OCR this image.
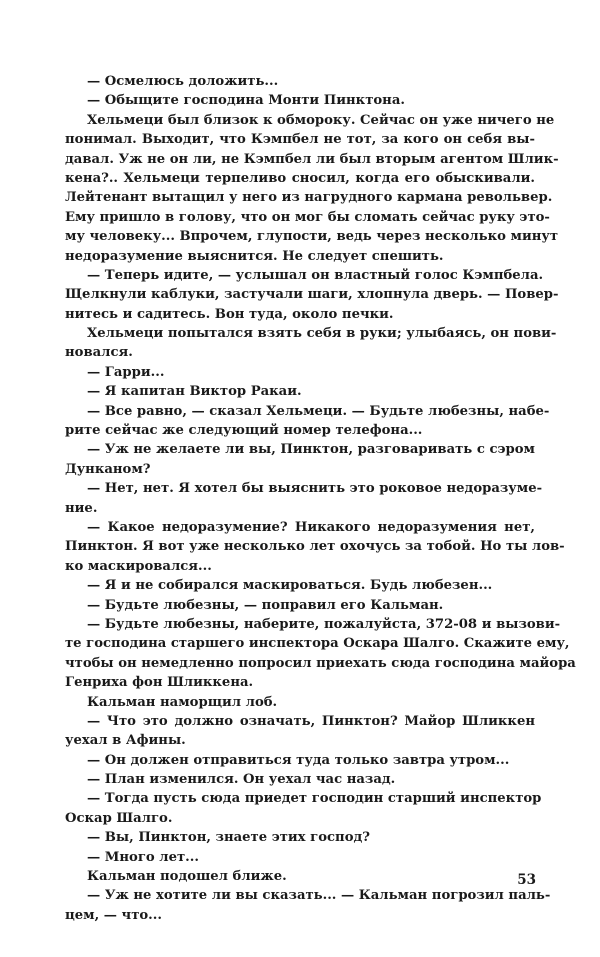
— Осмелюсь доложить...
— Обыщите господина Монти Пинктона.
Хельмеци был близок к обмороку. Сейчас он уже ничего не
понимал. Выходит, что Кэмпбел не тот, за кого он себя вы-
давал. Уж не он ли, не Кэмпбел ли был вторым агентом Шлик-
кена?.. Хельмеци терпеливо сносил, когда его обыскивали.
Лейтенант вытащил у него из нагрудного кармана револьвер.
Ему пришло в голову, что он мог бы сломать сейчас руку это-
му человеку... Впрочем, глупости, ведь через несколько минут
недоразумение выяснится. Не следует спешить.
— Теперь идите, — услышал он властный голос Кэмпбела.
Щелкнули каблуки, застучали шаги, хлопнула дверь. — Повер-
нитесь и садитесь. Вон туда, около печки.
Хельмеци попытался взять себя в руки; улыбаясь, он пови-
новался.
— Гарри...
— Я капитан Виктор Ракаи.
— Все равно, — сказал Хельмеци. — Будьте любезны, набе-
рите сейчас же следующий номер телефона...
— Уж не желаете ли вы, Пинктон, разговаривать с сэром
Дунканом?
— Нет, нет. Я хотел бы выяснить это роковое недоразуме-
ние.
— Какое недоразумение? Никакого недоразумения нет,
Пинктон. Я вот уже несколько лет охочусь за тобой. Но ты лов-
ко маскировался...
— Я и не собирался маскироваться. Будь любезен...
— Будьте любезны, — поправил его Кальман.
— Будьте любезны, наберите, пожалуйста, 372-08 и вызови-
те господина старшего инспектора Оскара Шалго. Скажите ему,
чтобы он немедленно попросил приехать сюда господина майора
Генриха фон Шликкена.
Кальман наморщил лоб.
— Что это должно означать, Пинктон? Майор Шликкен
уехал в Афины.
— Он должен отправиться туда только завтра утром...
— План изменился. Он уехал час назад.
— Тогда пусть сюда приедет господин старший инспектор
Оскар Шалго.
— Вы, Пинктон, знаете этих господ?
— Много лет...
Кальман подошел ближе.
— Уж не хотите ли вы сказать... — Кальман погрозил паль-
цем, — что...
53
